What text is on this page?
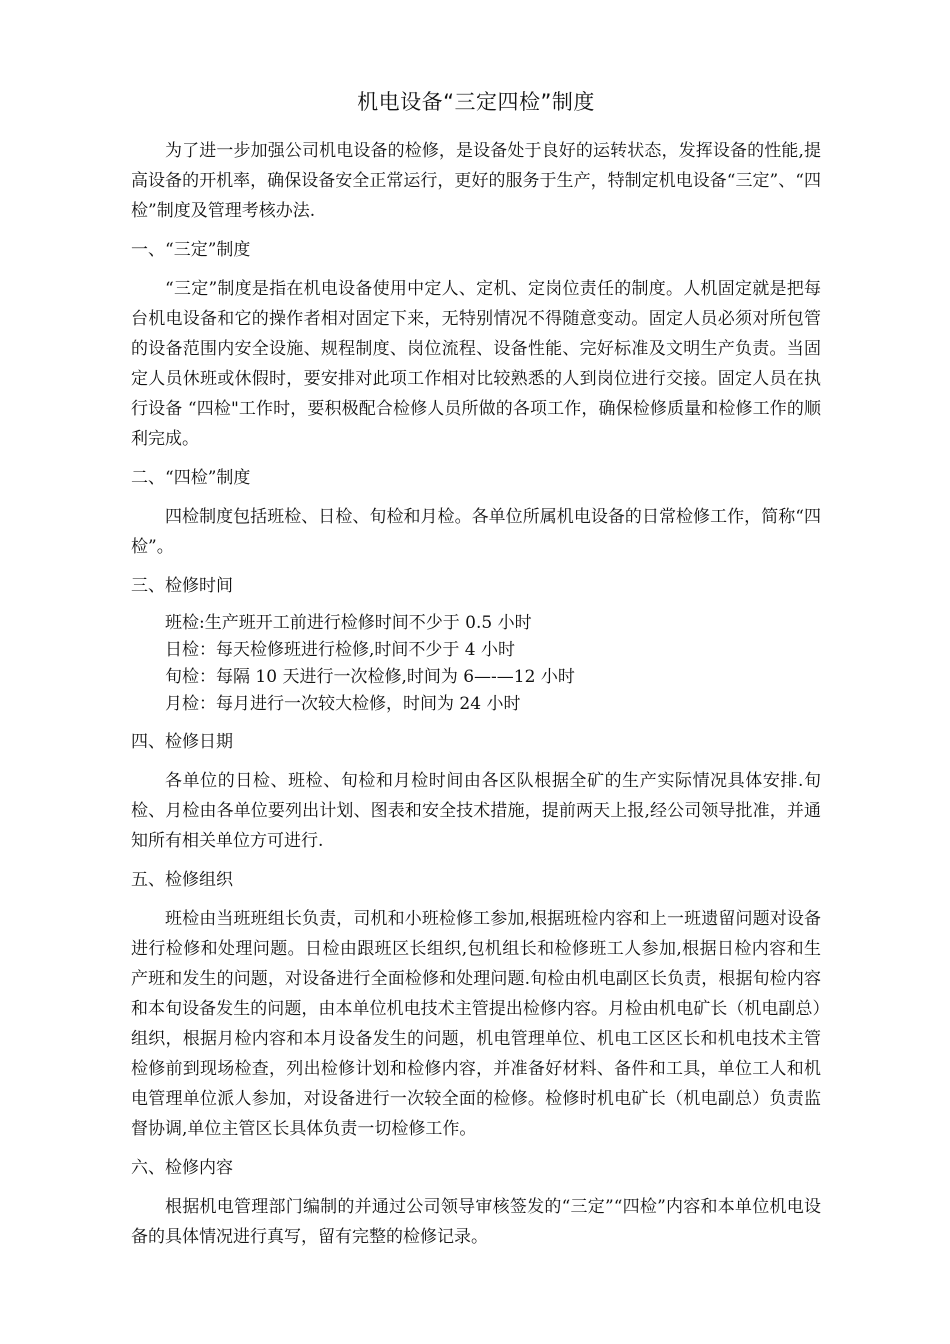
机电设备“三定四检”制度

为了进一步加强公司机电设备的检修，是设备处于良好的运转状态，发挥设备的性能,提高设备的开机率，确保设备安全正常运行，更好的服务于生产，特制定机电设备“三定”、“四检”制度及管理考核办法.

一、“三定”制度

“三定”制度是指在机电设备使用中定人、定机、定岗位责任的制度。人机固定就是把每台机电设备和它的操作者相对固定下来，无特别情况不得随意变动。固定人员必须对所包管的设备范围内安全设施、规程制度、岗位流程、设备性能、完好标准及文明生产负责。当固定人员休班或休假时，要安排对此项工作相对比较熟悉的人到岗位进行交接。固定人员在执行设备 “四检"工作时，要积极配合检修人员所做的各项工作，确保检修质量和检修工作的顺利完成。

二、“四检”制度

四检制度包括班检、日检、旬检和月检。各单位所属机电设备的日常检修工作，简称“四检”。

三、检修时间
班检:生产班开工前进行检修时间不少于 0.5 小时
日检：每天检修班进行检修,时间不少于 4 小时
旬检：每隔 10 天进行一次检修,时间为 6—-—12 小时
月检：每月进行一次较大检修，时间为 24 小时
四、检修日期

各单位的日检、班检、旬检和月检时间由各区队根据全矿的生产实际情况具体安排.旬检、月检由各单位要列出计划、图表和安全技术措施，提前两天上报,经公司领导批准，并通知所有相关单位方可进行.

五、检修组织

班检由当班班组长负责，司机和小班检修工参加,根据班检内容和上一班遗留问题对设备进行检修和处理问题。日检由跟班区长组织,包机组长和检修班工人参加,根据日检内容和生产班和发生的问题，对设备进行全面检修和处理问题.旬检由机电副区长负责，根据旬检内容和本旬设备发生的问题，由本单位机电技术主管提出检修内容。月检由机电矿长（机电副总）组织，根据月检内容和本月设备发生的问题，机电管理单位、机电工区区长和机电技术主管检修前到现场检查，列出检修计划和检修内容，并准备好材料、备件和工具，单位工人和机电管理单位派人参加，对设备进行一次较全面的检修。检修时机电矿长（机电副总）负责监督协调,单位主管区长具体负责一切检修工作。

六、检修内容

根据机电管理部门编制的并通过公司领导审核签发的“三定”“四检”内容和本单位机电设备的具体情况进行真写，留有完整的检修记录。
